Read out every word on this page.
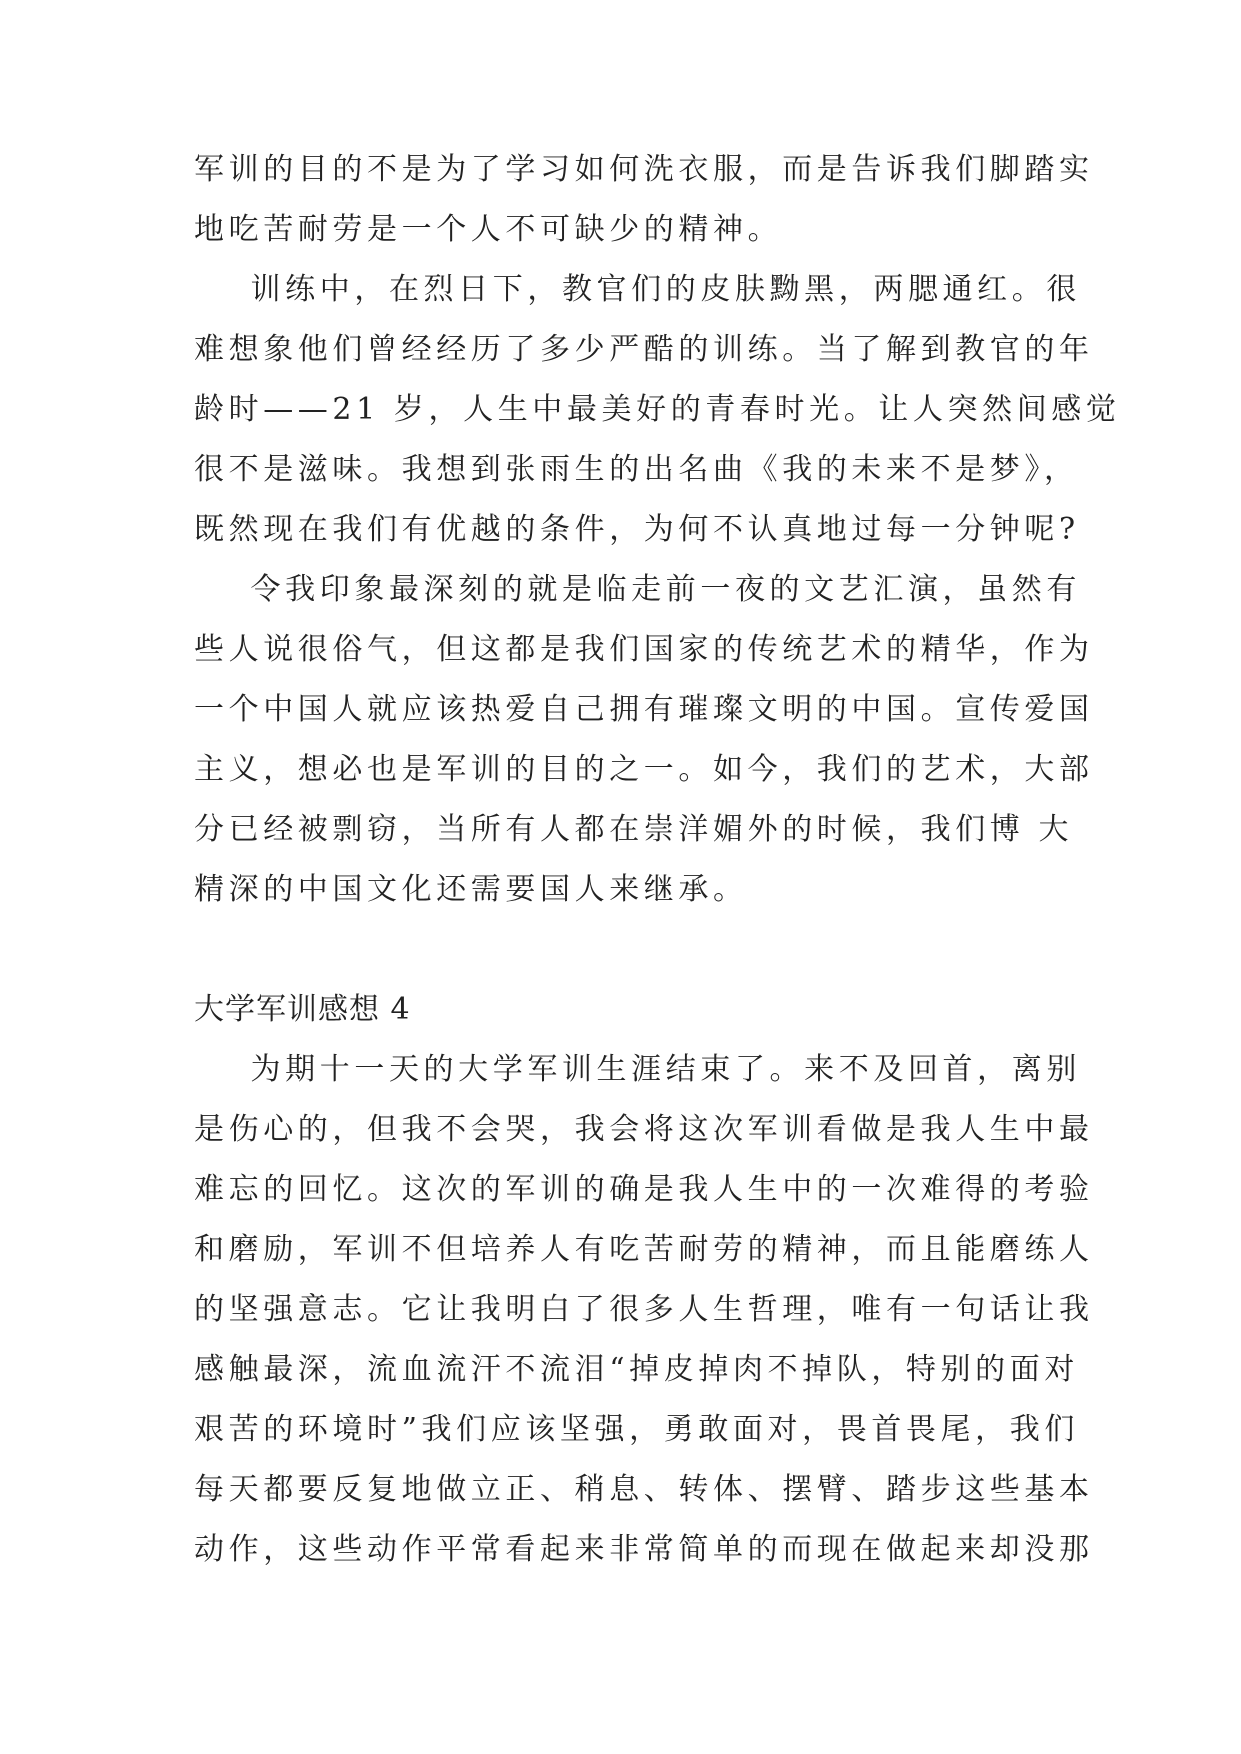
军训的目的不是为了学习如何洗衣服，而是告诉我们脚踏实

地吃苦耐劳是一个人不可缺少的精神。

训练中，在烈日下，教官们的皮肤黝黑，两腮通红。很

难想象他们曾经经历了多少严酷的训练。当了解到教官的年

龄时——21 岁，人生中最美好的青春时光。让人突然间感觉

很不是滋味。我想到张雨生的出名曲《我的未来不是梦》，

既然现在我们有优越的条件，为何不认真地过每一分钟呢?

令我印象最深刻的就是临走前一夜的文艺汇演，虽然有

些人说很俗气，但这都是我们国家的传统艺术的精华，作为

一个中国人就应该热爱自己拥有璀璨文明的中国。宣传爱国

主义，想必也是军训的目的之一。如今，我们的艺术，大部

分已经被剽窃，当所有人都在崇洋媚外的时候，我们博 大

精深的中国文化还需要国人来继承。

大学军训感想 4

为期十一天的大学军训生涯结束了。来不及回首，离别

是伤心的，但我不会哭，我会将这次军训看做是我人生中最

难忘的回忆。这次的军训的确是我人生中的一次难得的考验

和磨励，军训不但培养人有吃苦耐劳的精神，而且能磨练人

的坚强意志。它让我明白了很多人生哲理，唯有一句话让我

感触最深，流血流汗不流泪“掉皮掉肉不掉队，特别的面对

艰苦的环境时”我们应该坚强，勇敢面对，畏首畏尾，我们

每天都要反复地做立正、稍息、转体、摆臂、踏步这些基本

动作，这些动作平常看起来非常简单的而现在做起来却没那
